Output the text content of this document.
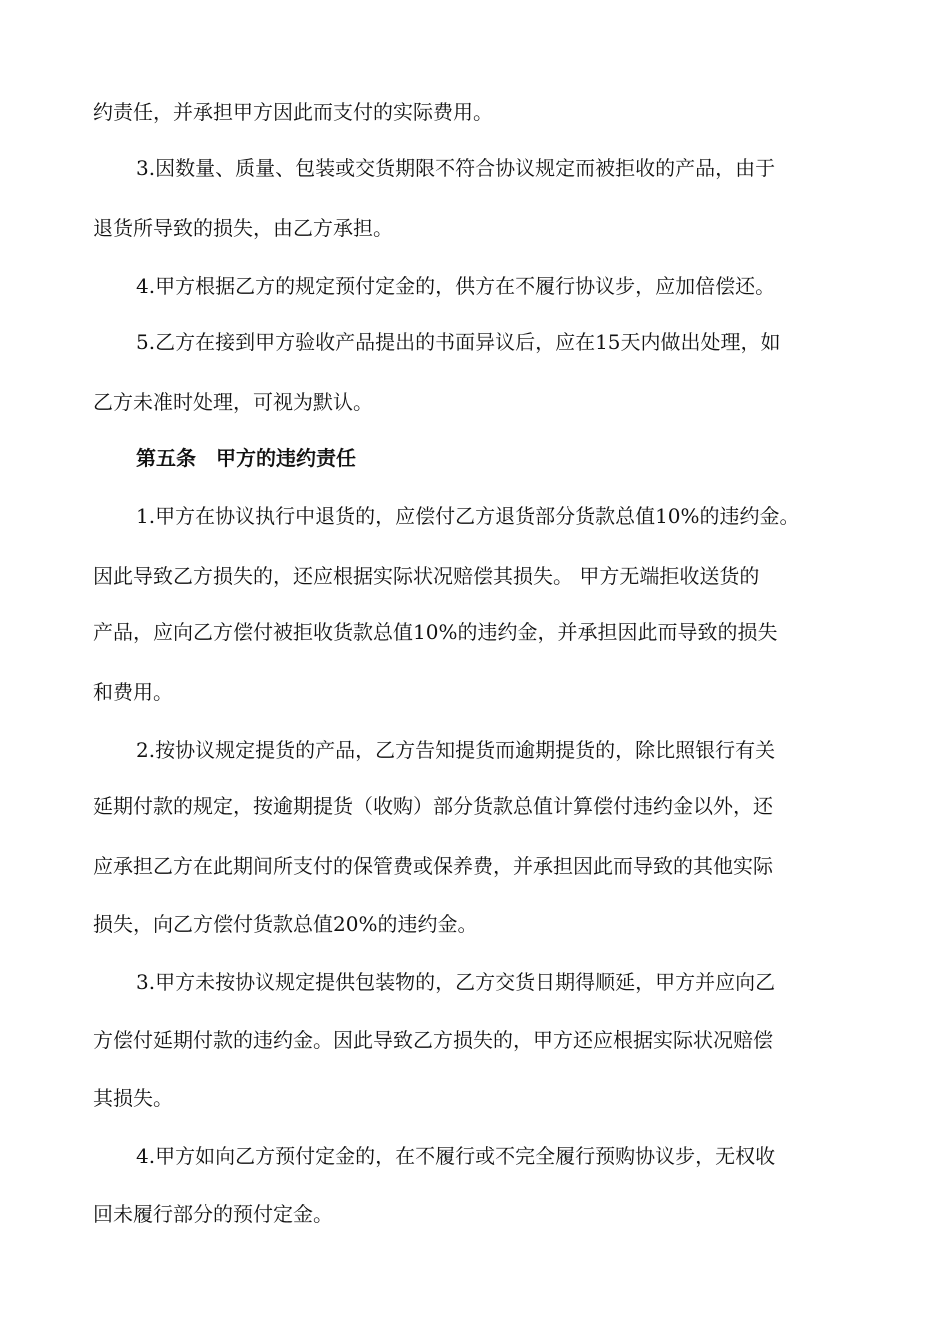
约责任，并承担甲方因此而支付的实际费用。
3.因数量、质量、包装或交货期限不符合协议规定而被拒收的产品，由于
退货所导致的损失，由乙方承担。
4.甲方根据乙方的规定预付定金的，供方在不履行协议步，应加倍偿还。
5.乙方在接到甲方验收产品提出的书面异议后，应在15天内做出处理，如
乙方未准时处理，可视为默认。
第五条　甲方的违约责任
1.甲方在协议执行中退货的，应偿付乙方退货部分货款总值10%的违约金。
因此导致乙方损失的，还应根据实际状况赔偿其损失。 甲方无端拒收送货的
产品，应向乙方偿付被拒收货款总值10%的违约金，并承担因此而导致的损失
和费用。
2.按协议规定提货的产品，乙方告知提货而逾期提货的，除比照银行有关
延期付款的规定，按逾期提货（收购）部分货款总值计算偿付违约金以外，还
应承担乙方在此期间所支付的保管费或保养费，并承担因此而导致的其他实际
损失，向乙方偿付货款总值20%的违约金。
3.甲方未按协议规定提供包装物的，乙方交货日期得顺延，甲方并应向乙
方偿付延期付款的违约金。因此导致乙方损失的，甲方还应根据实际状况赔偿
其损失。
4.甲方如向乙方预付定金的，在不履行或不完全履行预购协议步，无权收
回未履行部分的预付定金。
